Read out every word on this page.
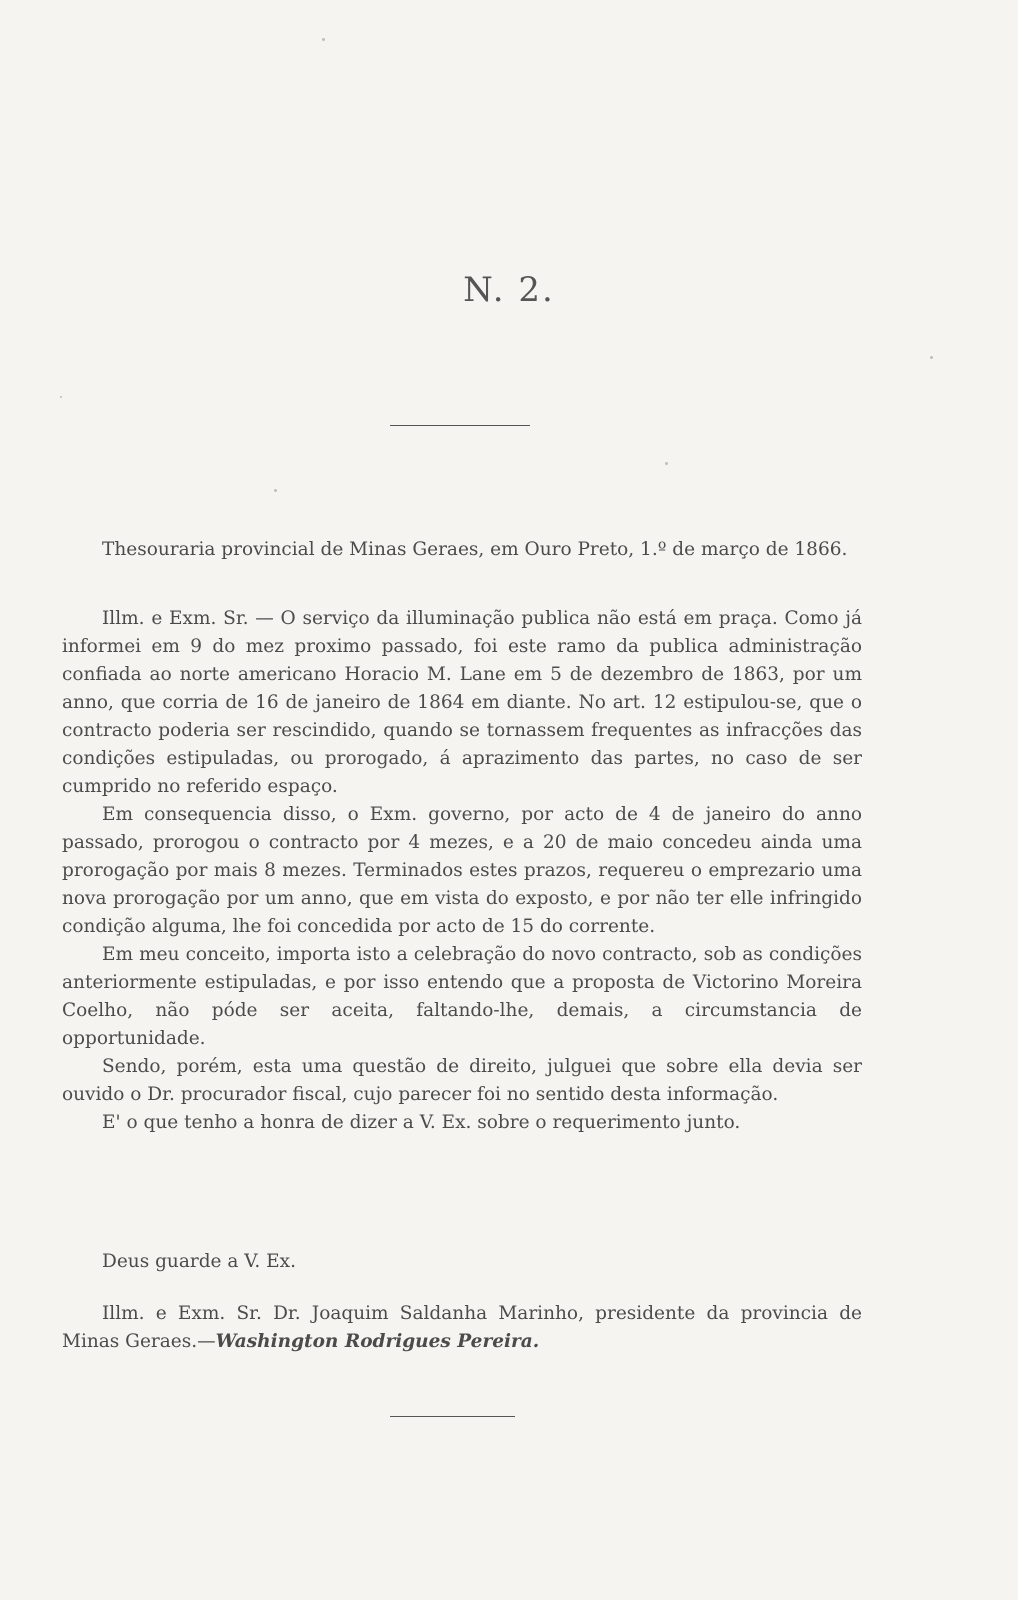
N. 2.

Thesouraria provincial de Minas Geraes, em Ouro Preto, 1.º de março de 1866.

Illm. e Exm. Sr. — O serviço da illuminação publica não está em praça. Como já informei em 9 do mez proximo passado, foi este ramo da publica administração confiada ao norte americano Horacio M. Lane em 5 de dezembro de 1863, por um anno, que corria de 16 de janeiro de 1864 em diante. No art. 12 estipulou-se, que o contracto poderia ser rescindido, quando se tornassem frequentes as infracções das condições estipuladas, ou prorogado, á aprazimento das partes, no caso de ser cumprido no referido espaço.

Em consequencia disso, o Exm. governo, por acto de 4 de janeiro do anno passado, prorogou o contracto por 4 mezes, e a 20 de maio concedeu ainda uma prorogação por mais 8 mezes. Terminados estes prazos, requereu o emprezario uma nova prorogação por um anno, que em vista do exposto, e por não ter elle infringido condição alguma, lhe foi concedida por acto de 15 do corrente.

Em meu conceito, importa isto a celebração do novo contracto, sob as condições anteriormente estipuladas, e por isso entendo que a proposta de Victorino Moreira Coelho, não póde ser aceita, faltando-lhe, demais, a circumstancia de opportunidade.

Sendo, porém, esta uma questão de direito, julguei que sobre ella devia ser ouvido o Dr. procurador fiscal, cujo parecer foi no sentido desta informação.

E' o que tenho a honra de dizer a V. Ex. sobre o requerimento junto.

Deus guarde a V. Ex.

Illm. e Exm. Sr. Dr. Joaquim Saldanha Marinho, presidente da provincia de Minas Geraes.—Washington Rodrigues Pereira.
